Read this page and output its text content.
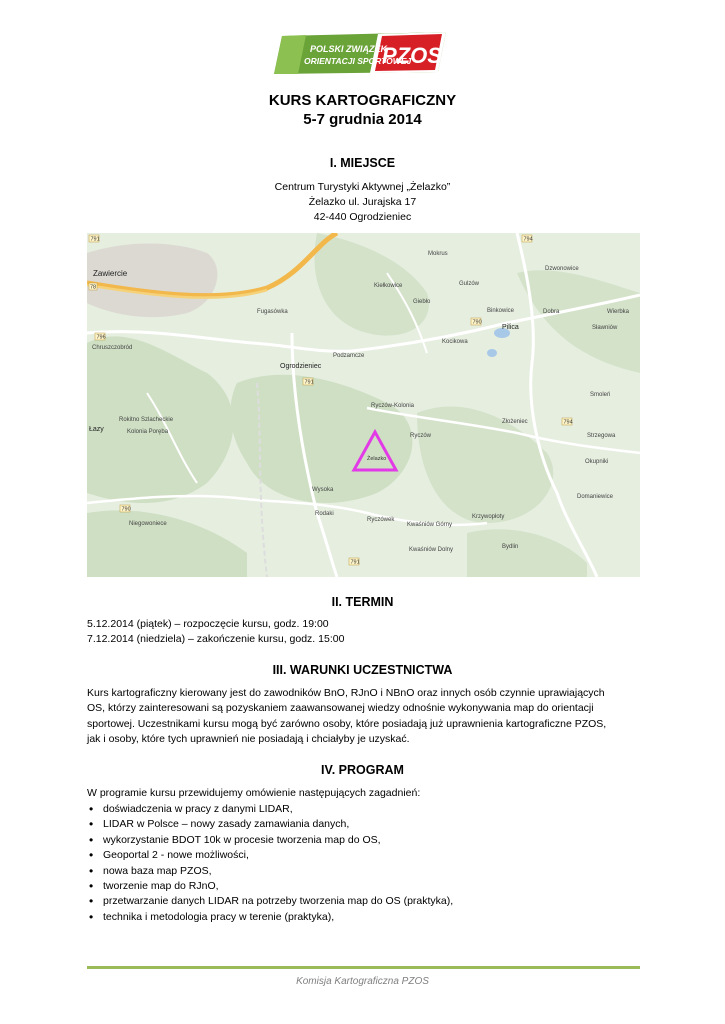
POLSKI ZWIĄZEK
ORIENTACJI SPORTOWEJ
PZOS
KURS KARTOGRAFICZNY
5-7 grudnia 2014
I. MIEJSCE
Centrum Turystyki Aktywnej „Żelazko”
Żelazko ul. Jurajska 17
42-440 Ogrodzieniec
791	794
790
796
791
794
790
791
78
Zawiercie
Ogrodzieniec
Pilica
Łazy
Podzamcze
Kiełkowice
Mokrus
Dzwonowice
Dobra
Giebło
Gulzów
Kocikowa
Binkowice	Wierbka
Sławniów
Smoleń
Złożeniec
Ryczów-Kolonia
Ryczów
Fugasówka
Rodaki
Ryczówek
Kwaśniów Górny
Kwaśniów Dolny
Domaniewice
Okupniki
Strzegowa
Bydlin
Krzywopłoty
Niegowoniece
Wysoka
Rokitno Szlacheckie
Kolonia Poręba
Chruszczobród
Żelazko
II. TERMIN
5.12.2014 (piątek) – rozpoczęcie kursu, godz. 19:00
7.12.2014 (niedziela) – zakończenie kursu, godz. 15:00
III. WARUNKI UCZESTNICTWA
Kurs kartograficzny kierowany jest do zawodników BnO, RJnO i NBnO oraz innych osób czynnie uprawiających
OS, którzy zainteresowani są pozyskaniem zaawansowanej wiedzy odnośnie wykonywania map do orientacji
sportowej. Uczestnikami kursu mogą być zarówno osoby, które posiadają już uprawnienia kartograficzne PZOS,
jak i osoby, które tych uprawnień nie posiadają i chciałyby je uzyskać.
IV. PROGRAM
W programie kursu przewidujemy omówienie następujących zagadnień:
• doświadczenia w pracy z danymi LIDAR,
• LIDAR w Polsce – nowy zasady zamawiania danych,
• wykorzystanie BDOT 10k w procesie tworzenia map do OS,
• Geoportal 2 - nowe możliwości,
• nowa baza map PZOS,
• tworzenie map do RJnO,
• przetwarzanie danych LIDAR na potrzeby tworzenia map do OS (praktyka),
• technika i metodologia pracy w terenie (praktyka),
Komisja Kartograficzna PZOS
